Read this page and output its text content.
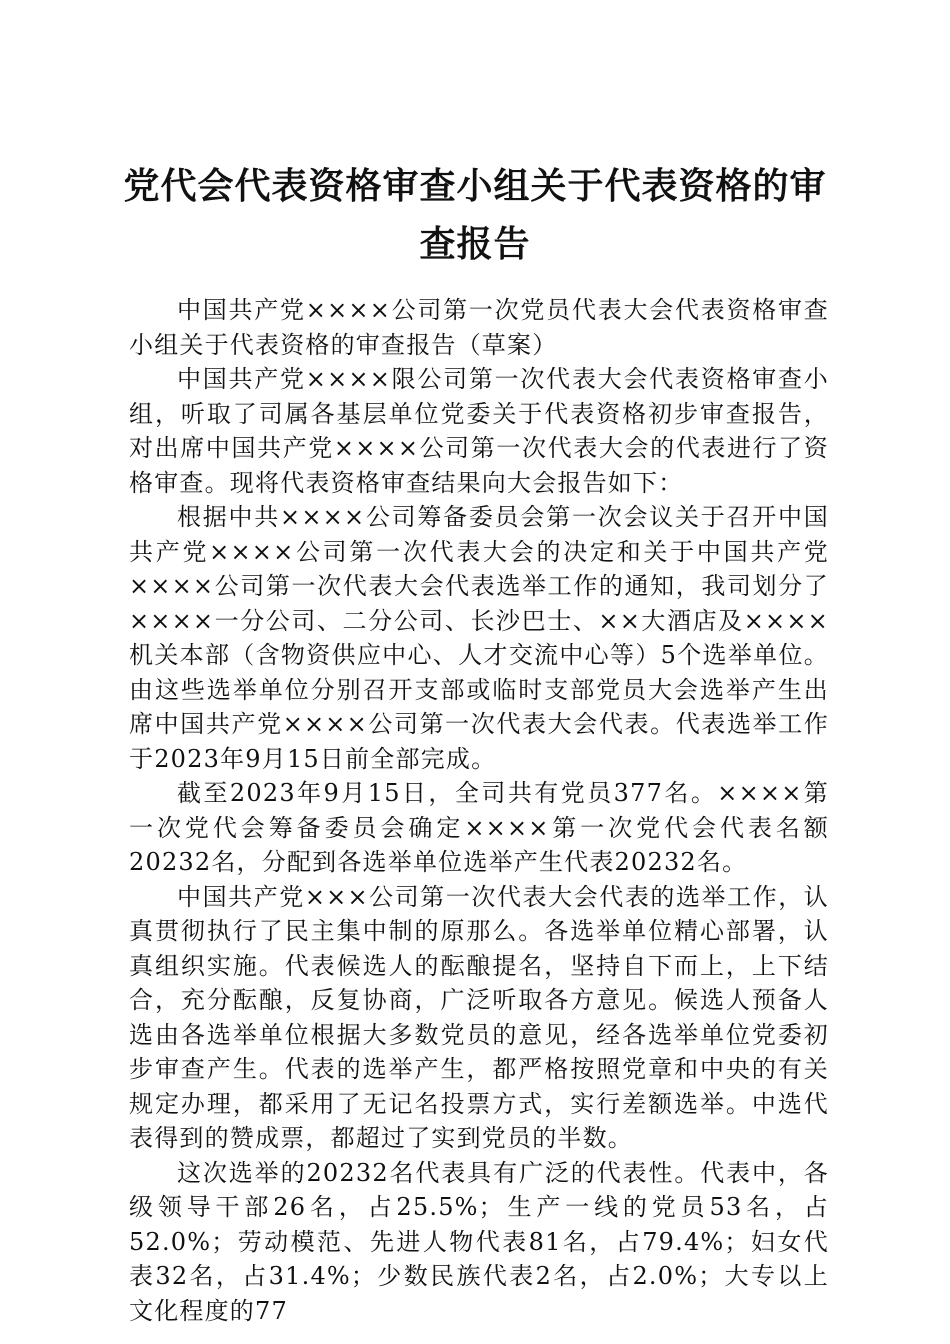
党代会代表资格审查小组关于代表资格的审查报告

中国共产党××××公司第一次党员代表大会代表资格审查小组关于代表资格的审查报告（草案）

中国共产党××××限公司第一次代表大会代表资格审查小组，听取了司属各基层单位党委关于代表资格初步审查报告，对出席中国共产党××××公司第一次代表大会的代表进行了资格审查。现将代表资格审查结果向大会报告如下：

根据中共××××公司筹备委员会第一次会议关于召开中国共产党××××公司第一次代表大会的决定和关于中国共产党××××公司第一次代表大会代表选举工作的通知，我司划分了××××一分公司、二分公司、长沙巴士、××大酒店及××××机关本部（含物资供应中心、人才交流中心等）5个选举单位。由这些选举单位分别召开支部或临时支部党员大会选举产生出席中国共产党××××公司第一次代表大会代表。代表选举工作于2023年9月15日前全部完成。

截至2023年9月15日，全司共有党员377名。××××第一次党代会筹备委员会确定××××第一次党代会代表名额20232名，分配到各选举单位选举产生代表20232名。

中国共产党×××公司第一次代表大会代表的选举工作，认真贯彻执行了民主集中制的原那么。各选举单位精心部署，认真组织实施。代表候选人的酝酿提名，坚持自下而上，上下结合，充分酝酿，反复协商，广泛听取各方意见。候选人预备人选由各选举单位根据大多数党员的意见，经各选举单位党委初步审查产生。代表的选举产生，都严格按照党章和中央的有关规定办理，都采用了无记名投票方式，实行差额选举。中选代表得到的赞成票，都超过了实到党员的半数。

这次选举的20232名代表具有广泛的代表性。代表中，各级领导干部26名，占25.5%；生产一线的党员53名，占52.0%；劳动模范、先进人物代表81名，占79.4%；妇女代表32名，占31.4%；少数民族代表2名，占2.0%；大专以上文化程度的77
